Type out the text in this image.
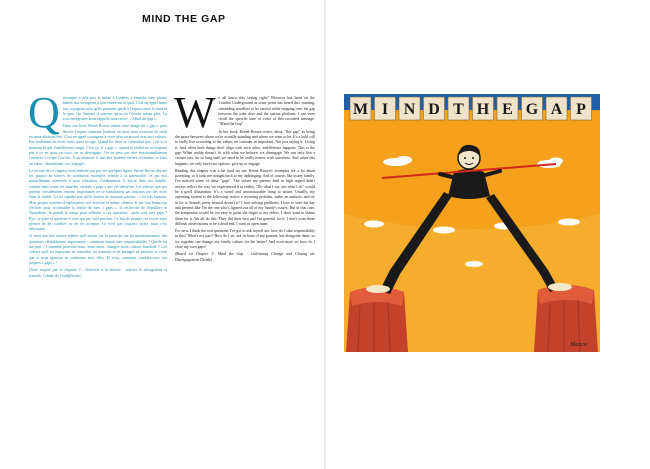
MIND THE GAP

Quiconque a déjà pris le métro à Londres a entendu cette phrase lancée aux voyageurs à leur entrée sur le quai. C'est un appel lancé aux voyageurs afin qu'ils prennent garde à l'espace entre le train et le quai. On l'entend si souvent qu'on ne l'écoute même plus. La voix enregistrée nous rappelle sans cesse : « Mind the gap ».

Dans son livre, Brené Brown utilise cette image du « gap » pour décrire l'espace séparant l'endroit où nous nous trouvons de celui où nous désirons être. C'est un appel courageux à vivre plus en accord avec nos valeurs. Pas seulement en avoir, mais aussi en agir. Quand les deux se coïncident pas, c'est à ce moment-là que l'indifférence surgit. C'est ça, le « gap » : quand la réalité ne correspond pas à ce en quoi on croit, on se désengage. On ne peut pas être émotionnellement connecté à ce que l'on fait. À un moment, il faut être honnête envers soi-même, et faire un choix : abandonner ou s'engager.

La lecture de ce chapitre n'est réalisée que par ses quelques lignes. Brené Brown illustre ses propos au travers de nombreux exemples relatifs à la parentalité, ce qui m'a naturellement renvoyée à mon éducation. Évidemment, il existe dans ma famille, comme dans toutes les familles, certains « gaps » que j'ai identifiés. Les valeurs que nos parents considéraient comme importantes ne se traduisaient pas toujours par des actes dans la réalité. Ça ne signifie pas qu'ils étaient de mauvais parents : c'est très humain. Mon propre système d'exploitation suit souvent le même chemin. Il me faut beaucoup d'efforts pour reconnaître la réalité de mes « gaps », la recherche de l'équilibre et l'honnêteté. Je prends le temps pour réfléchir à ces questions : quels sont mes gaps ? Puis, je pose la question à ceux qui me sont proches. Le fait de pointer ces écarts nous permet de les combler ou de les accepter. Ce n'est pas toujours facile, mais c'est nécessaire.

Je veux une fois encore répéter qu'il existe, sur le point de vue du questionnement, des questions véritablement importantes : comment réussir mes responsabilités ? Quelle est ma part ? Comment pouvons-nous, nous aussi, changer notre culture familiale ? Les valeurs qu'il est important de connaître, de nommer et de partager ne peuvent se vivre que si nous agissons en cohérence avec elles. Et vous, comment comblez-vous vos propres « gaps » ?

(Texte inspiré par le chapitre 5 : Attention à la marche : cultiver le changement et franchir l'abîme de l'indifférence)

We all know this saying right? Whoever has been on the London Underground at some point has heard this warning, reminding travellers to be careful while stepping over the gap between the train door and the station platform. I can even recall the specific tone of voice of this recorded message: "Mind the Gap".

In her book, Brené Brown writes about "this gap" as being the space between where we're actually standing and where we want to be. It's a bold call to really live according to the values we consider as important. Not just saying it. Living it. And when both things don't align with each other, indifference happens. This is the gap. When reality doesn't fit with what we believe, we disengage. We can only live a certain way for so long until we need to be really honest with ourselves. And when this happens, we only have two options: give up or engage.

Reading this chapter was a bit hard for me. Brené Brown's examples are a lot about parenting, so it took me straight back to my upbringing. And of course, like in any family, I've noticed some of these "gaps". The values my parents held in high regard didn't always reflect the way we experienced it in reality. "Do what I say, not what I do" would be a good illustration. It's a weird and uncomfortable thing to notice. Usually, my operating system is the following: notice a recurring problem, make an analysis, and try to fix it. Sounds pretty normal doesn't it? I love solving problems. I love to save the day and pretend like I'm the one who's figured out all of my family's issues. But in this case, the temptation would be too easy to point the finger to my elders. I don't want to blame them for it. We all do this. They did their best and I'm grateful for it. I don't want these difficult observations to be a dead end. I want to open mine.

For now, I think the real questions I've got to ask myself are: how do I take responsibility in this? What's my part? How do I sit, not in front of my parents, but alongside them, so we together can change our family culture for the better? And even more so, how do I close my own gaps?

(Based on Chapter 5: Mind the Gap : Cultivating Change and Closing the Disengagement Divide)

M I N D T H E G A P
Blanco
